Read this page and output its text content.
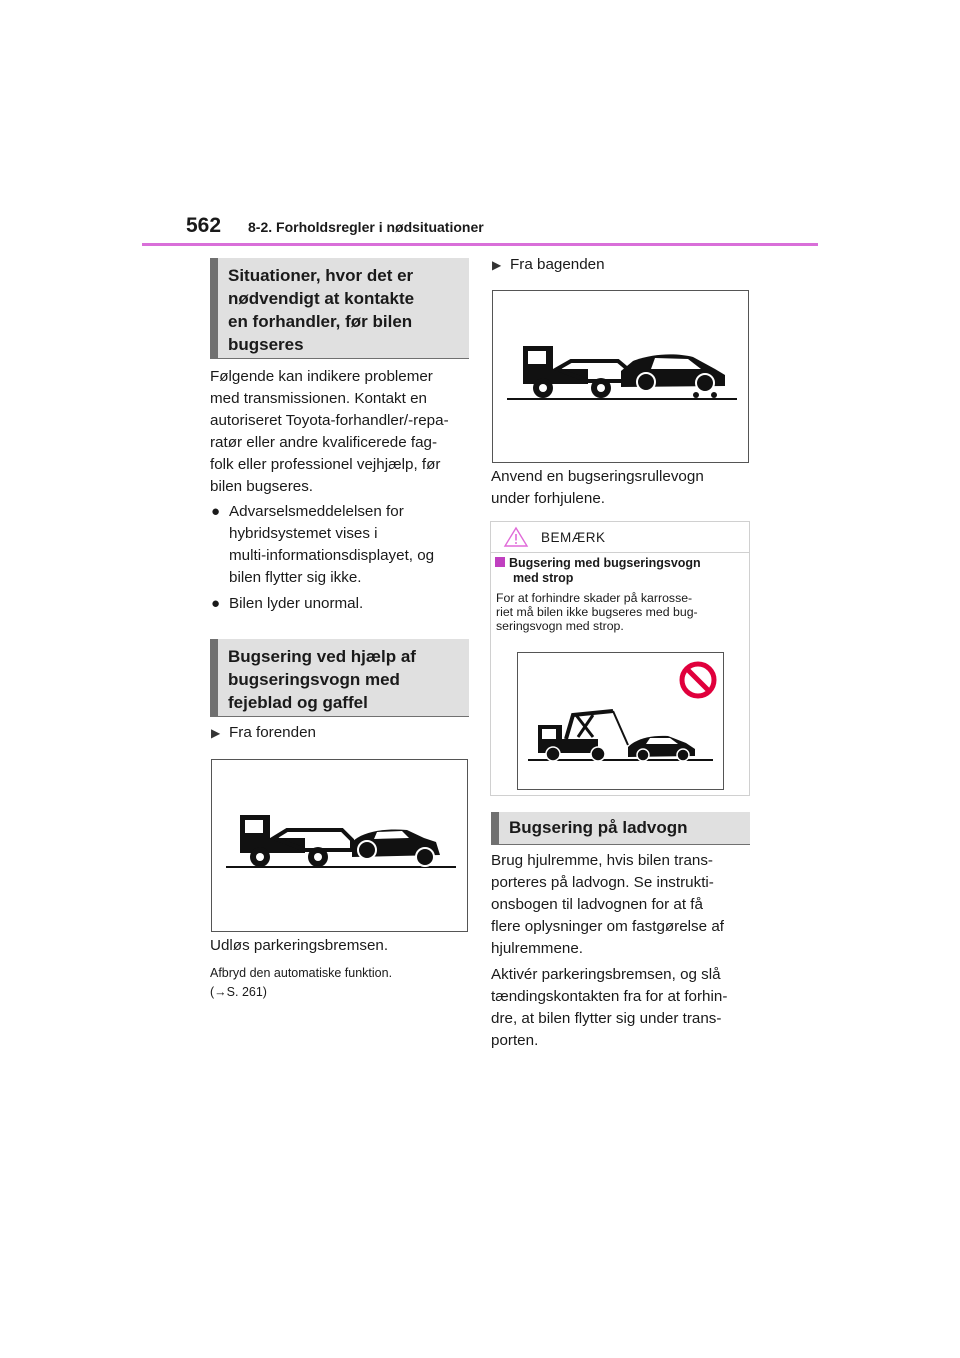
562 8-2. Forholdsregler i nødsituationer
Situationer, hvor det er
nødvendigt at kontakte
en forhandler, før bilen
bugseres
Følgende kan indikere problemer
med transmissionen. Kontakt en
autoriseret Toyota-forhandler/-repa-
ratør eller andre kvalificerede fag-
folk eller professionel vejhjælp, før
bilen bugseres.
● Advarselsmeddelelsen for
hybridsystemet vises i
multi-informationsdisplayet, og
bilen flytter sig ikke.
● Bilen lyder unormal.
Bugsering ved hjælp af
bugseringsvogn med
fejeblad og gaffel
▶ Fra forenden
Udløs parkeringsbremsen.
Afbryd den automatiske funktion.
(→S. 261)
▶ Fra bagenden
Anvend en bugseringsrullevogn
under forhjulene.
BEMÆRK
Bugsering med bugseringsvogn
med strop
For at forhindre skader på karrosse-
riet må bilen ikke bugseres med bug-
seringsvogn med strop.
Bugsering på ladvogn
Brug hjulremme, hvis bilen trans-
porteres på ladvogn. Se instrukti-
onsbogen til ladvognen for at få
flere oplysninger om fastgørelse af
hjulremmene.
Aktivér parkeringsbremsen, og slå
tændingskontakten fra for at forhin-
dre, at bilen flytter sig under trans-
porten.
